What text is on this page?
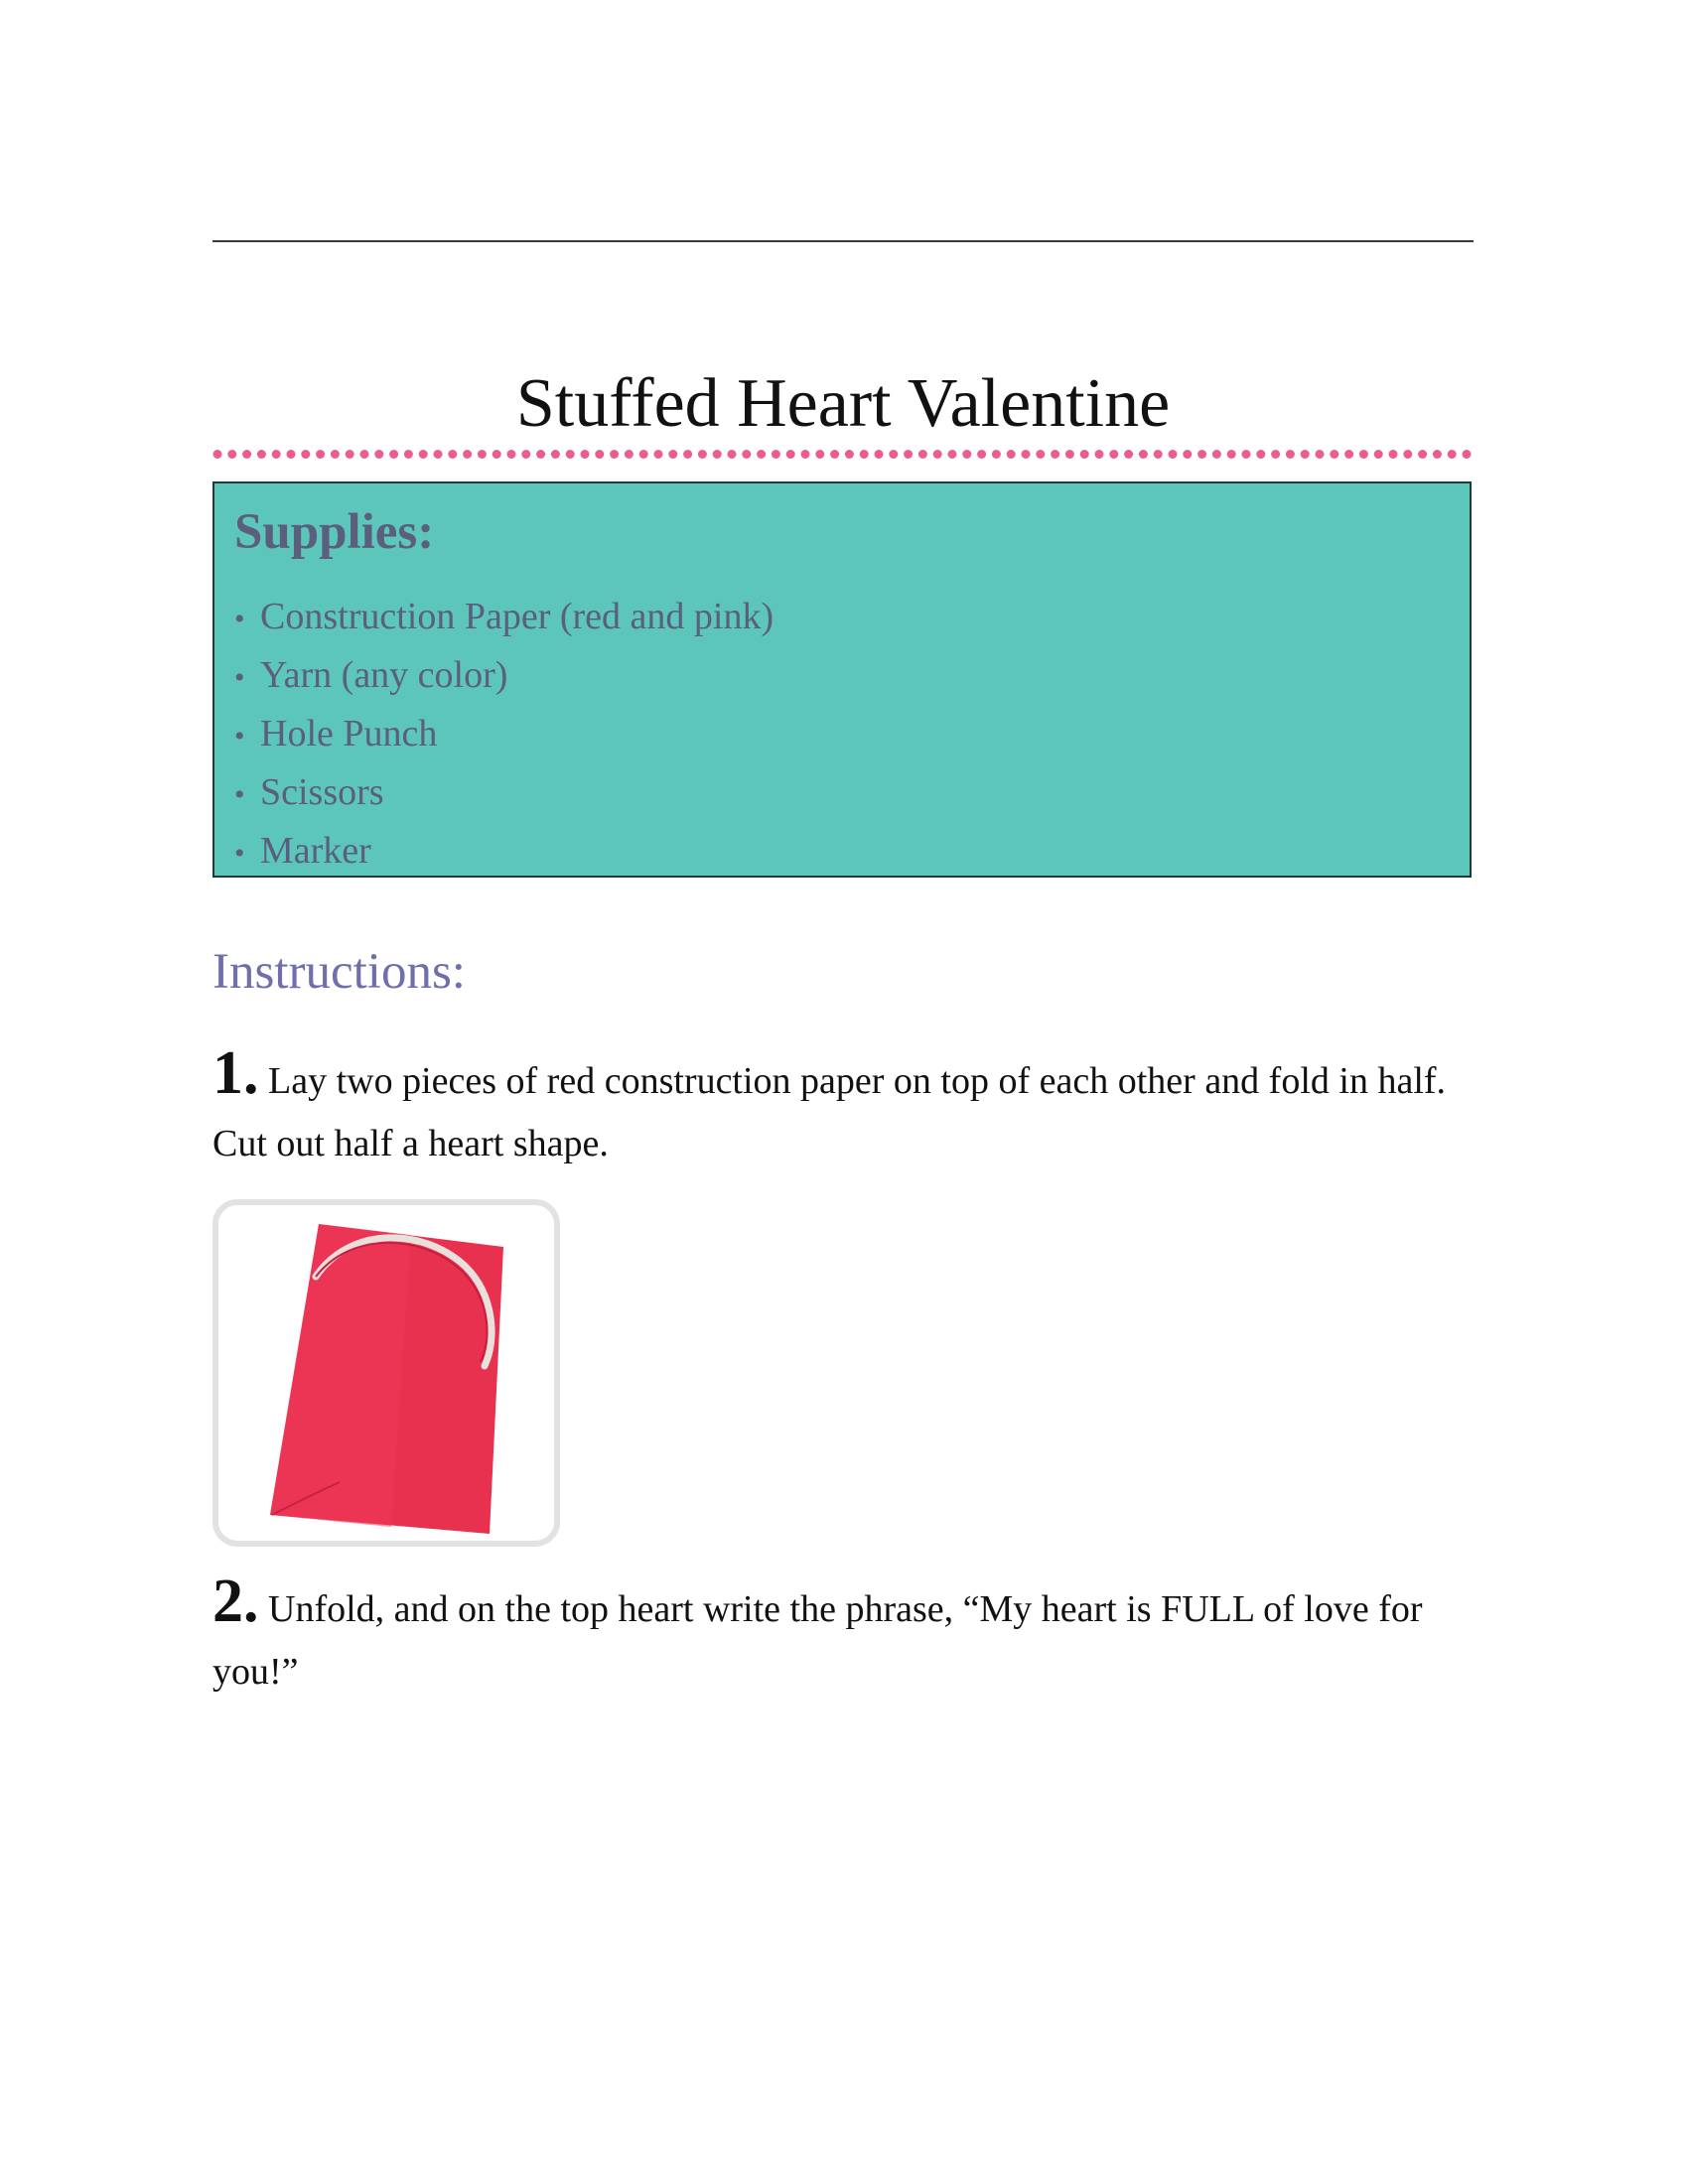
Stuffed Heart Valentine
Supplies:
• Construction Paper (red and pink)
• Yarn (any color)
• Hole Punch
• Scissors
• Marker
Instructions:

1. Lay two pieces of red construction paper on top of each other and fold in half. Cut out half a heart shape.

2. Unfold, and on the top heart write the phrase, “My heart is FULL of love for you!”
